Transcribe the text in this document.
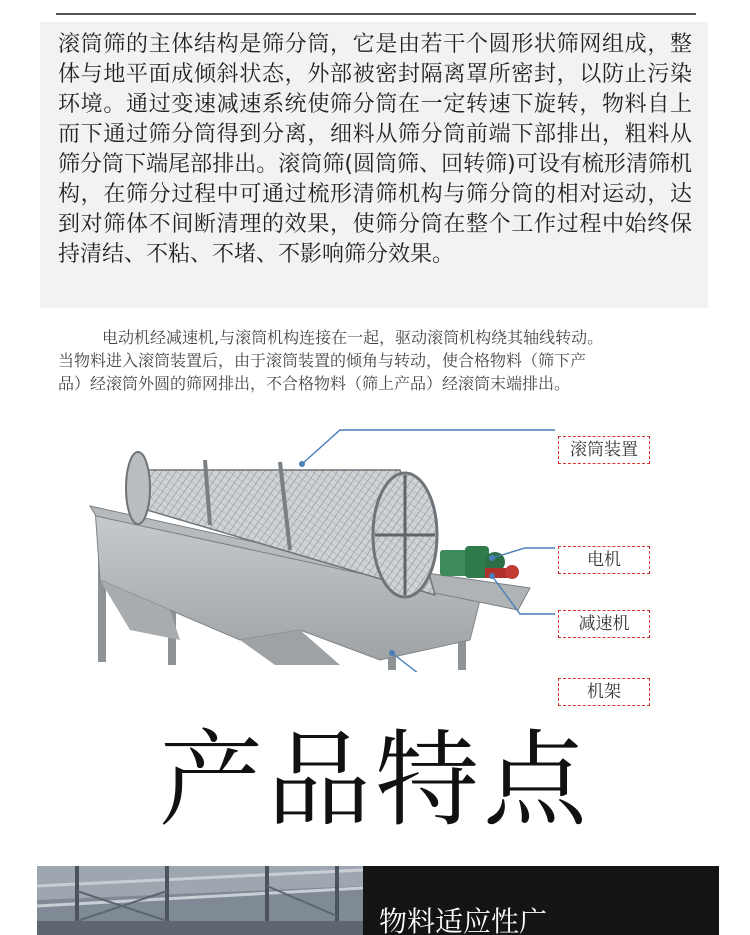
滚筒筛的主体结构是筛分筒，它是由若干个圆形状筛网组成，整体与地平面成倾斜状态，外部被密封隔离罩所密封，以防止污染环境。通过变速减速系统使筛分筒在一定转速下旋转，物料自上而下通过筛分筒得到分离，细料从筛分筒前端下部排出，粗料从筛分筒下端尾部排出。滚筒筛(圆筒筛、回转筛)可设有梳形清筛机构，在筛分过程中可通过梳形清筛机构与筛分筒的相对运动，达到对筛体不间断清理的效果，使筛分筒在整个工作过程中始终保持清结、不粘、不堵、不影响筛分效果。

电动机经减速机,与滚筒机构连接在一起，驱动滚筒机构绕其轴线转动。
当物料进入滚筒装置后，由于滚筒装置的倾角与转动，使合格物料（筛下产
品）经滚筒外圆的筛网排出，不合格物料（筛上产品）经滚筒末端排出。
滚筒装置
电机
减速机
机架
产品特点
物料适应性广
